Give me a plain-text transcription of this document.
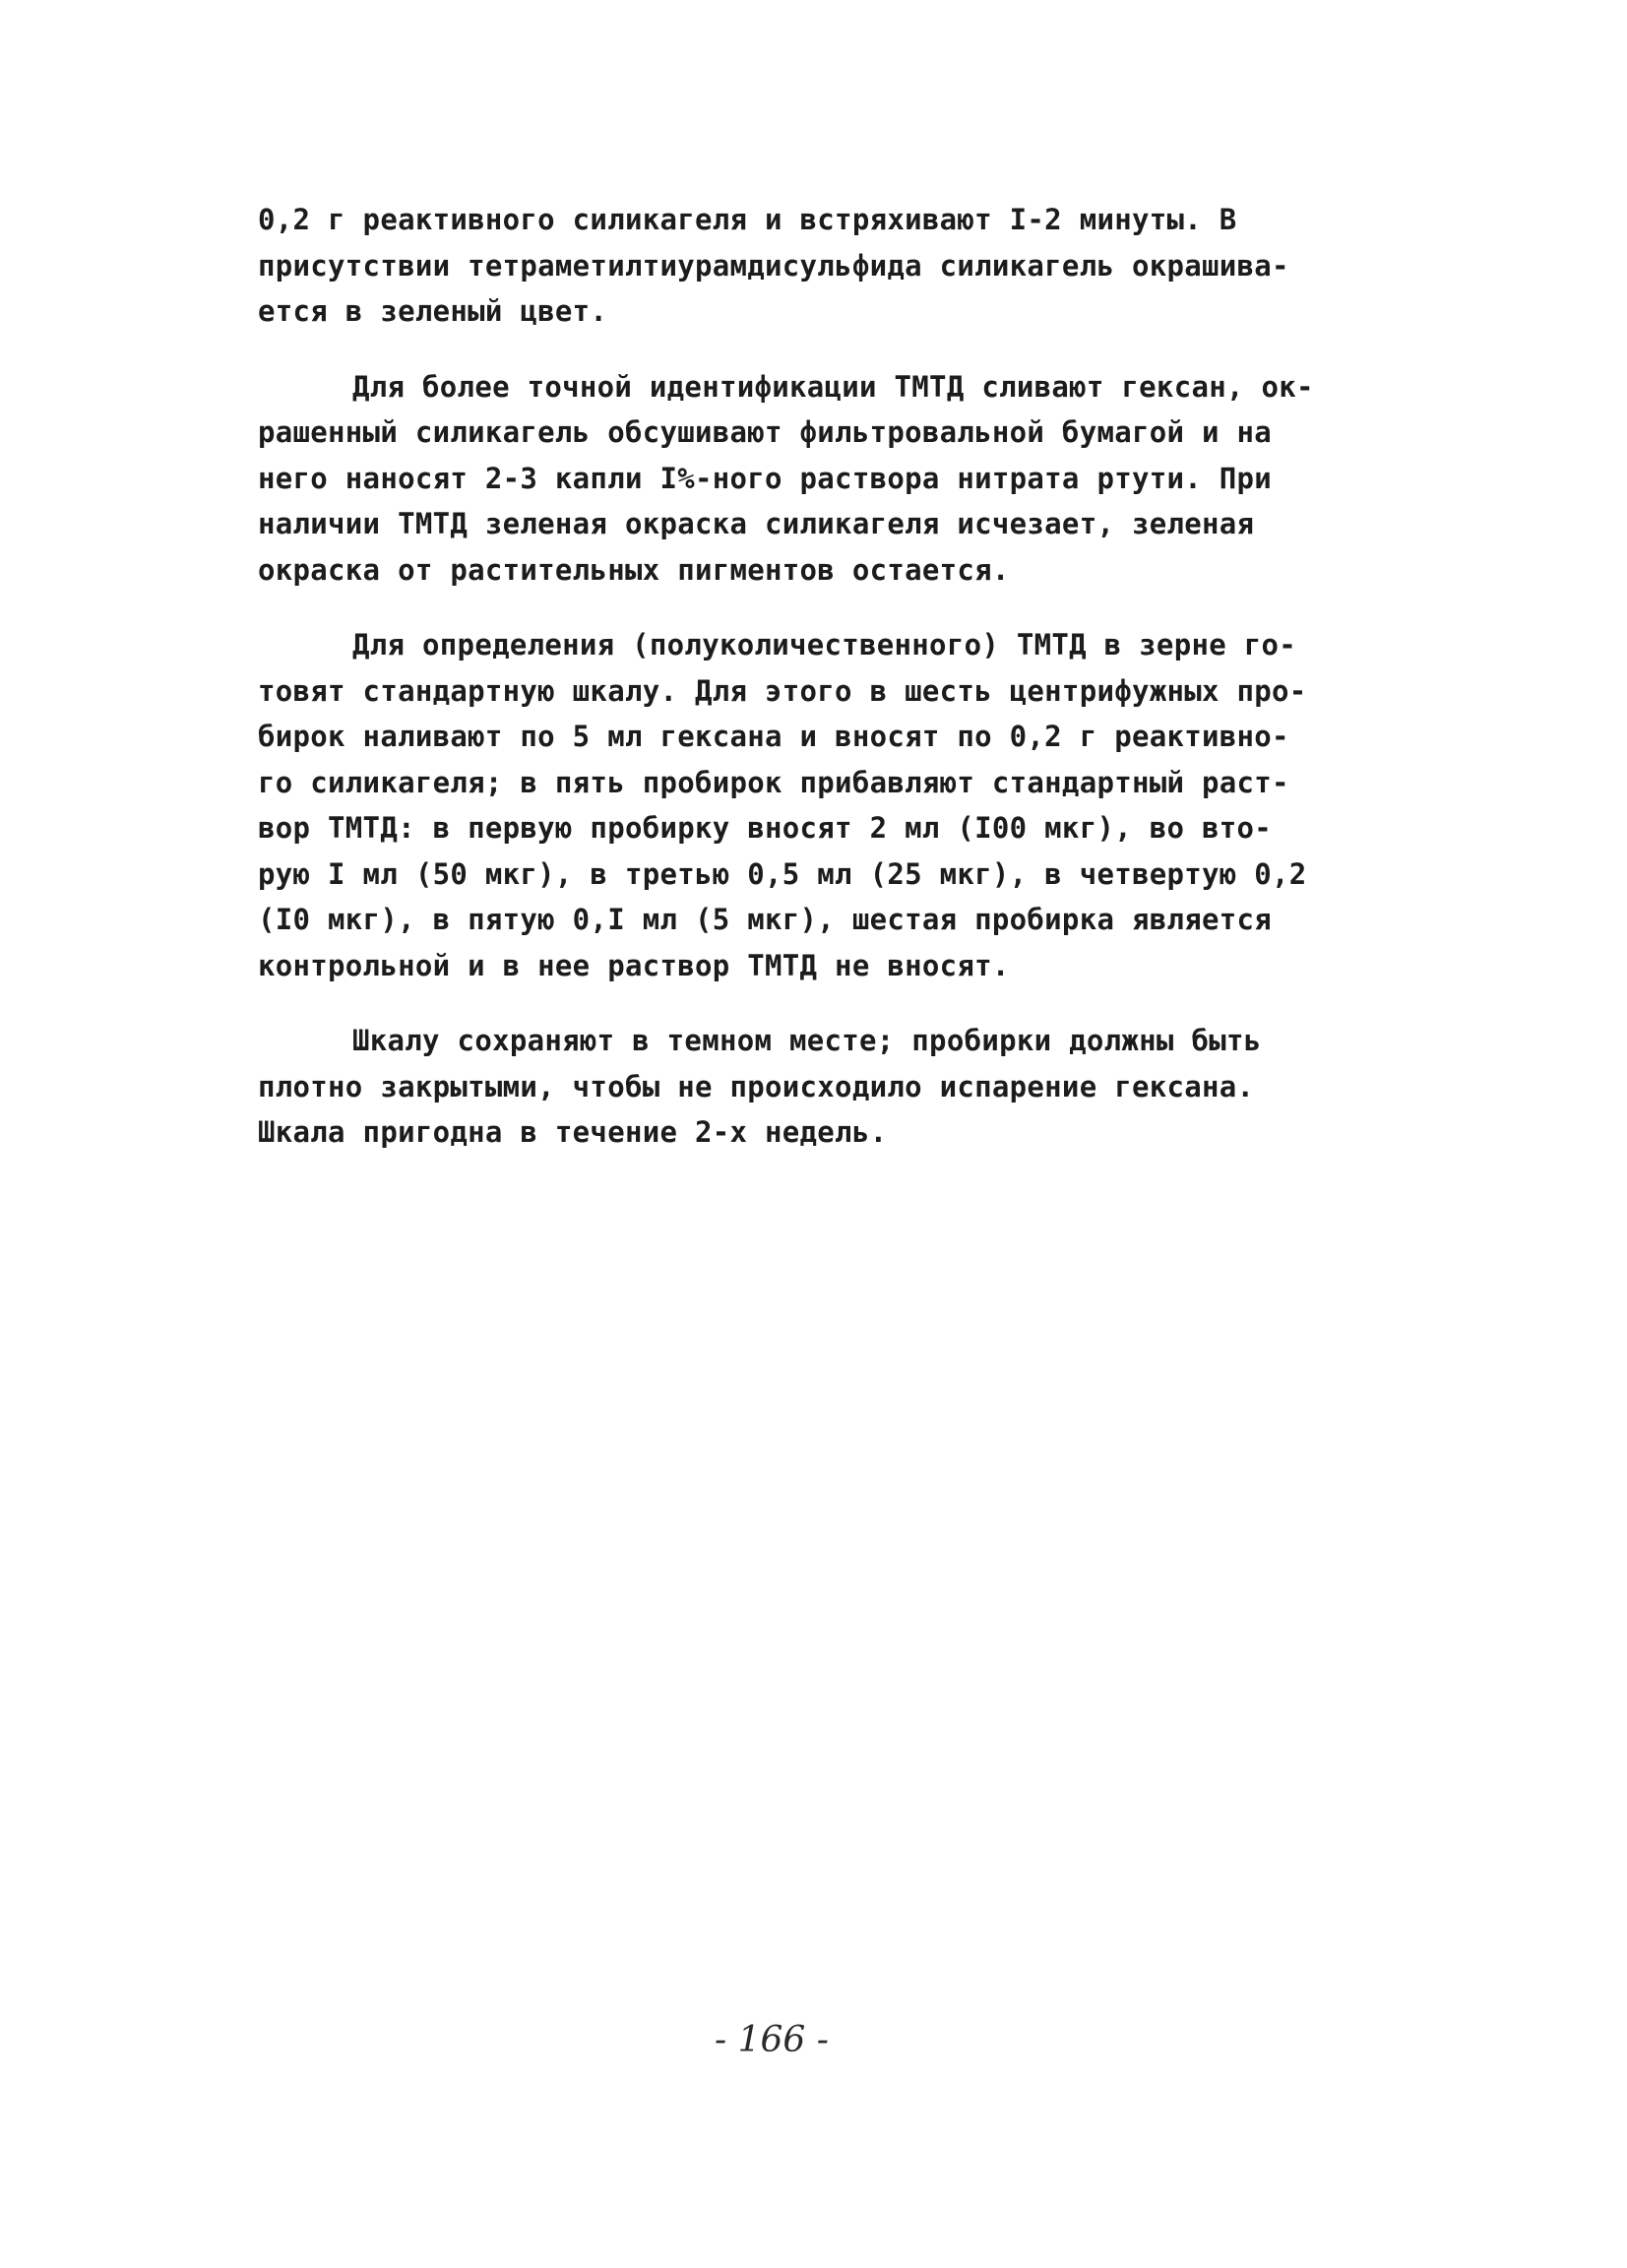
0,2 г реактивного силикагеля и встряхивают I-2 минуты. В
присутствии тетраметилтиурамдисульфида силикагель окрашива-
ется в зеленый цвет.

Для более точной идентификации ТМТД сливают гексан, ок-
рашенный силикагель обсушивают фильтровальной бумагой и на
него наносят 2-3 капли I%-ного раствора нитрата ртути. При
наличии ТМТД зеленая окраска силикагеля исчезает, зеленая
окраска от растительных пигментов остается.

Для определения (полуколичественного) ТМТД в зерне го-
товят стандартную шкалу. Для этого в шесть центрифужных про-
бирок наливают по 5 мл гексана и вносят по 0,2 г реактивно-
го силикагеля; в пять пробирок прибавляют стандартный раст-
вор ТМТД: в первую пробирку вносят 2 мл (I00 мкг), во вто-
рую I мл (50 мкг), в третью 0,5 мл (25 мкг), в четвертую 0,2
(I0 мкг), в пятую 0,I мл (5 мкг), шестая пробирка является
контрольной и в нее раствор ТМТД не вносят.

Шкалу сохраняют в темном месте; пробирки должны быть
плотно закрытыми, чтобы не происходило испарение гексана.
Шкала пригодна в течение 2-х недель.

- 166 -
